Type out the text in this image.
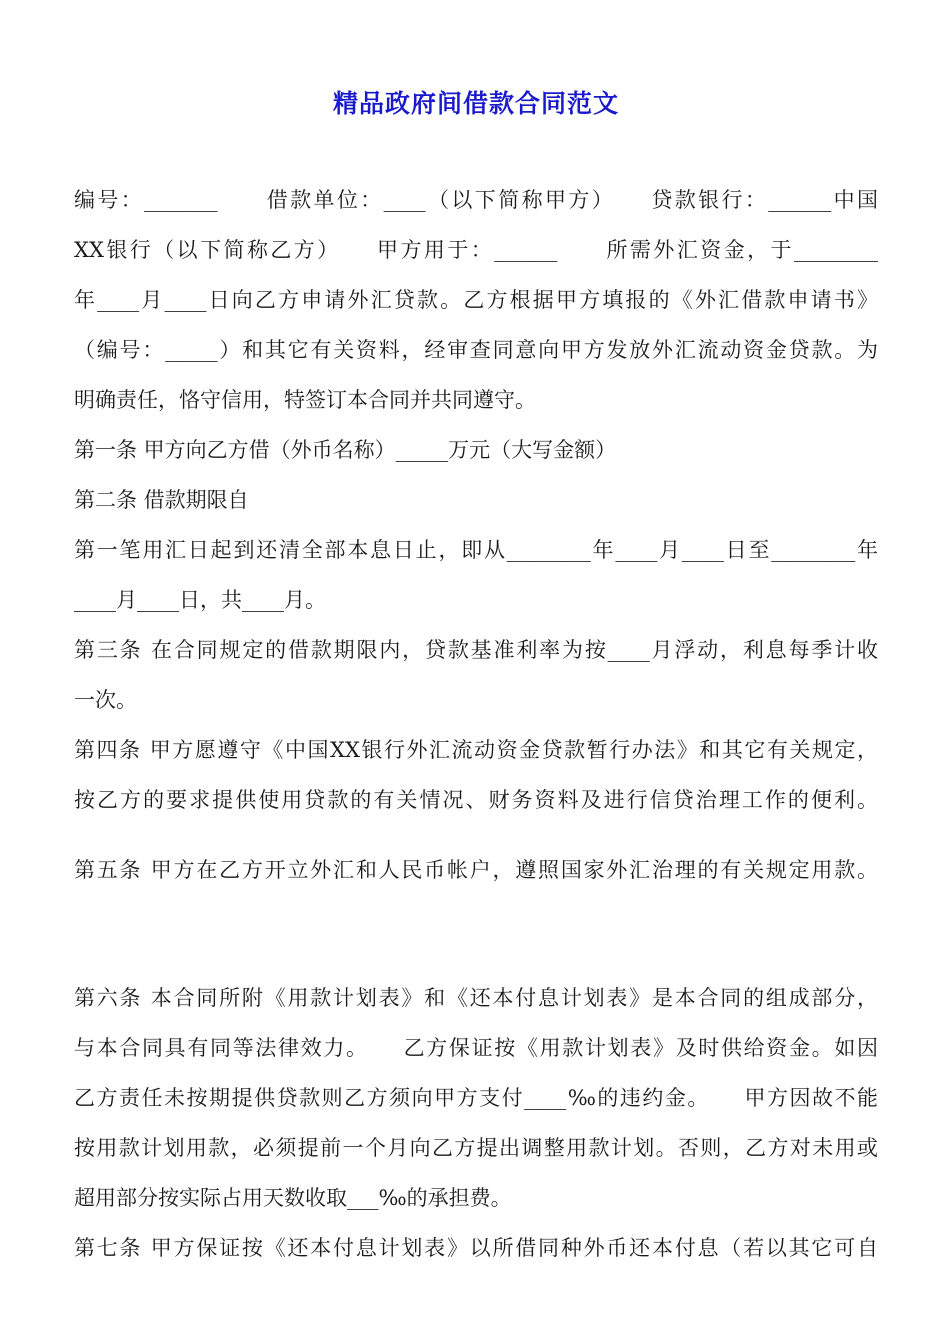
精品政府间借款合同范文
编号：_______　　借款单位：____（以下简称甲方）　　贷款银行：______中国
XX银行（以下简称乙方）　　甲方用于：______　　所需外汇资金，于________
年____月____日向乙方申请外汇贷款。乙方根据甲方填报的《外汇借款申请书》
（编号：_____）和其它有关资料，经审查同意向甲方发放外汇流动资金贷款。为
明确责任，恪守信用，特签订本合同并共同遵守。
第一条 甲方向乙方借（外币名称）_____万元（大写金额）
第二条 借款期限自
第一笔用汇日起到还清全部本息日止，即从________年____月____日至________年
____月____日，共____月。
第三条 在合同规定的借款期限内，贷款基准利率为按____月浮动，利息每季计收
一次。
第四条 甲方愿遵守《中国XX银行外汇流动资金贷款暂行办法》和其它有关规定，
按乙方的要求提供使用贷款的有关情况、财务资料及进行信贷治理工作的便利。
第五条 甲方在乙方开立外汇和人民币帐户，遵照国家外汇治理的有关规定用款。
第六条 本合同所附《用款计划表》和《还本付息计划表》是本合同的组成部分，
与本合同具有同等法律效力。　　乙方保证按《用款计划表》及时供给资金。如因
乙方责任未按期提供贷款则乙方须向甲方支付____‰的违约金。　　甲方因故不能
按用款计划用款，必须提前一个月向乙方提出调整用款计划。否则，乙方对未用或
超用部分按实际占用天数收取___‰的承担费。
第七条 甲方保证按《还本付息计划表》以所借同种外币还本付息（若以其它可自
